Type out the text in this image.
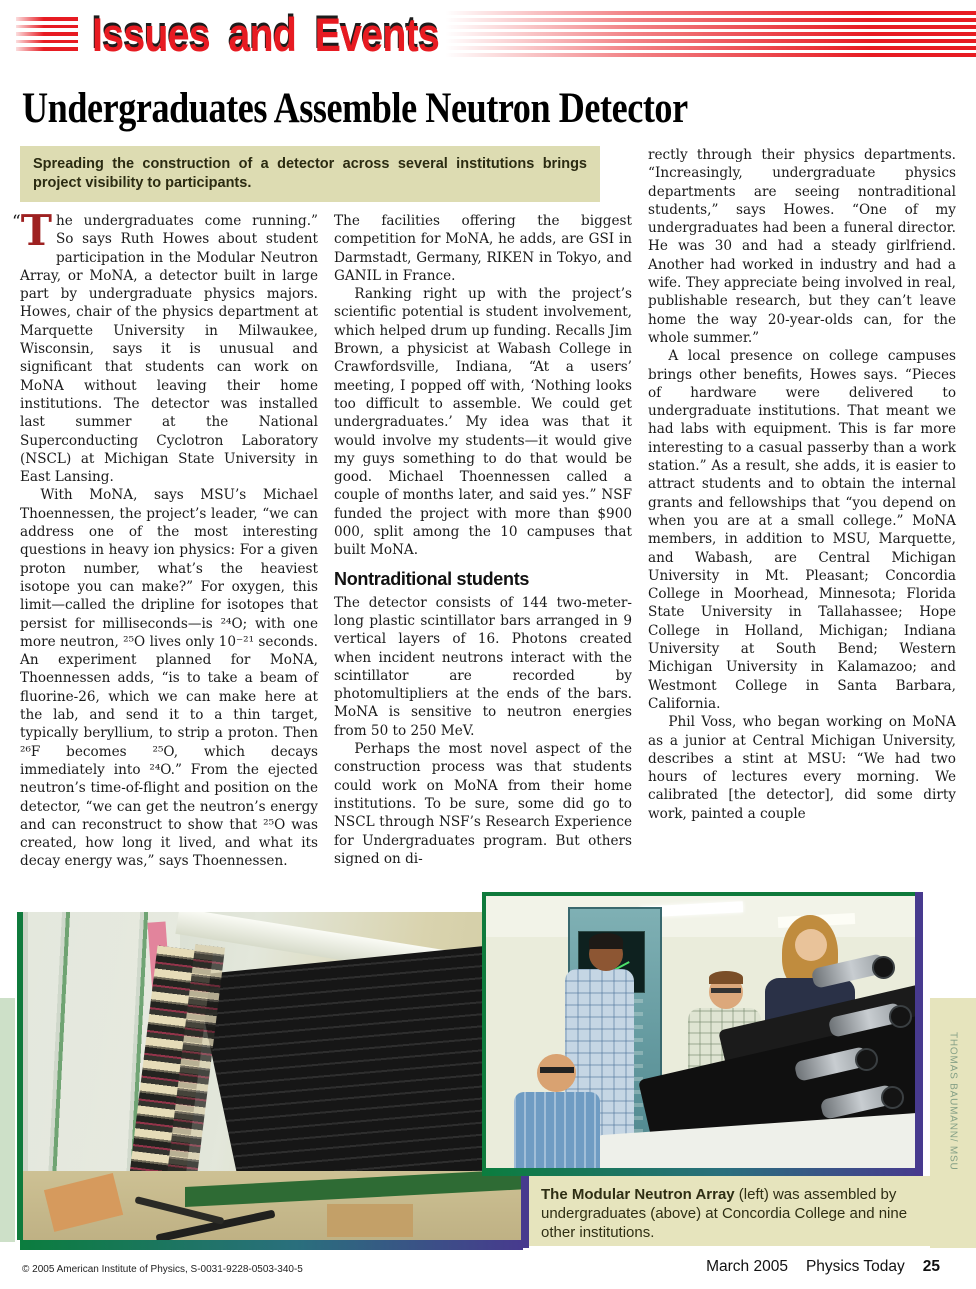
Issues and Events
Undergraduates Assemble Neutron Detector
Spreading the construction of a detector across several institutions brings project visibility to participants.

“T he undergraduates come running.” So says Ruth Howes about student participation in the Modular Neutron Array, or MoNA, a detector built in large part by undergraduate physics majors. Howes, chair of the physics department at Marquette University in Milwaukee, Wisconsin, says it is unusual and significant that students can work on MoNA without leaving their home institutions. The detector was installed last summer at the National Superconducting Cyclotron Laboratory (NSCL) at Michigan State University in East Lansing.

With MoNA, says MSU’s Michael Thoennessen, the project’s leader, “we can address one of the most interesting questions in heavy ion physics: For a given proton number, what’s the heaviest isotope you can make?” For oxygen, this limit—called the dripline for isotopes that persist for milliseconds—is ²⁴O; with one more neutron, ²⁵O lives only 10⁻²¹ seconds. An experiment planned for MoNA, Thoennessen adds, “is to take a beam of fluorine-26, which we can make here at the lab, and send it to a thin target, typically beryllium, to strip a proton. Then ²⁶F becomes ²⁵O, which decays immediately into ²⁴O.” From the ejected neutron’s time-of-flight and position on the detector, “we can get the neutron’s energy and can reconstruct to show that ²⁵O was created, how long it lived, and what its decay energy was,” says Thoennessen.

The facilities offering the biggest competition for MoNA, he adds, are GSI in Darmstadt, Germany, RIKEN in Tokyo, and GANIL in France.

Ranking right up with the project’s scientific potential is student involvement, which helped drum up funding. Recalls Jim Brown, a physicist at Wabash College in Crawfordsville, Indiana, “At a users’ meeting, I popped off with, ‘Nothing looks too difficult to assemble. We could get undergraduates.’ My idea was that it would involve my students—it would give my guys something to do that would be good. Michael Thoennessen called a couple of months later, and said yes.” NSF funded the project with more than $900 000, split among the 10 campuses that built MoNA.

Nontraditional students

The detector consists of 144 two-meter-long plastic scintillator bars arranged in 9 vertical layers of 16. Photons created when incident neutrons interact with the scintillator are recorded by photomultipliers at the ends of the bars. MoNA is sensitive to neutron energies from 50 to 250 MeV.

Perhaps the most novel aspect of the construction process was that students could work on MoNA from their home institutions. To be sure, some did go to NSCL through NSF’s Research Experience for Undergraduates program. But others signed on di-

rectly through their physics departments. “Increasingly, undergraduate physics departments are seeing nontraditional students,” says Howes. “One of my undergraduates had been a funeral director. He was 30 and had a steady girlfriend. Another had worked in industry and had a wife. They appreciate being involved in real, publishable research, but they can’t leave home the way 20-year-olds can, for the whole summer.”

A local presence on college campuses brings other benefits, Howes says. “Pieces of hardware were delivered to undergraduate institutions. That meant we had labs with equipment. This is far more interesting to a casual passerby than a work station.” As a result, she adds, it is easier to attract students and to obtain the internal grants and fellowships that “you depend on when you are at a small college.” MoNA members, in addition to MSU, Marquette, and Wabash, are Central Michigan University in Mt. Pleasant; Concordia College in Moorhead, Minnesota; Florida State University in Tallahassee; Hope College in Holland, Michigan; Indiana University at South Bend; Western Michigan University in Kalamazoo; and Westmont College in Santa Barbara, California.

Phil Voss, who began working on MoNA as a junior at Central Michigan University, describes a stint at MSU: “We had two hours of lectures every morning. We calibrated [the detector], did some dirty work, painted a couple

The Modular Neutron Array (left) was assembled by undergraduates (above) at Concordia College and nine other institutions.
THOMAS BAUMANN/ MSU
© 2005 American Institute of Physics, S-0031-9228-0503-340-5	March 2005 Physics Today 25
